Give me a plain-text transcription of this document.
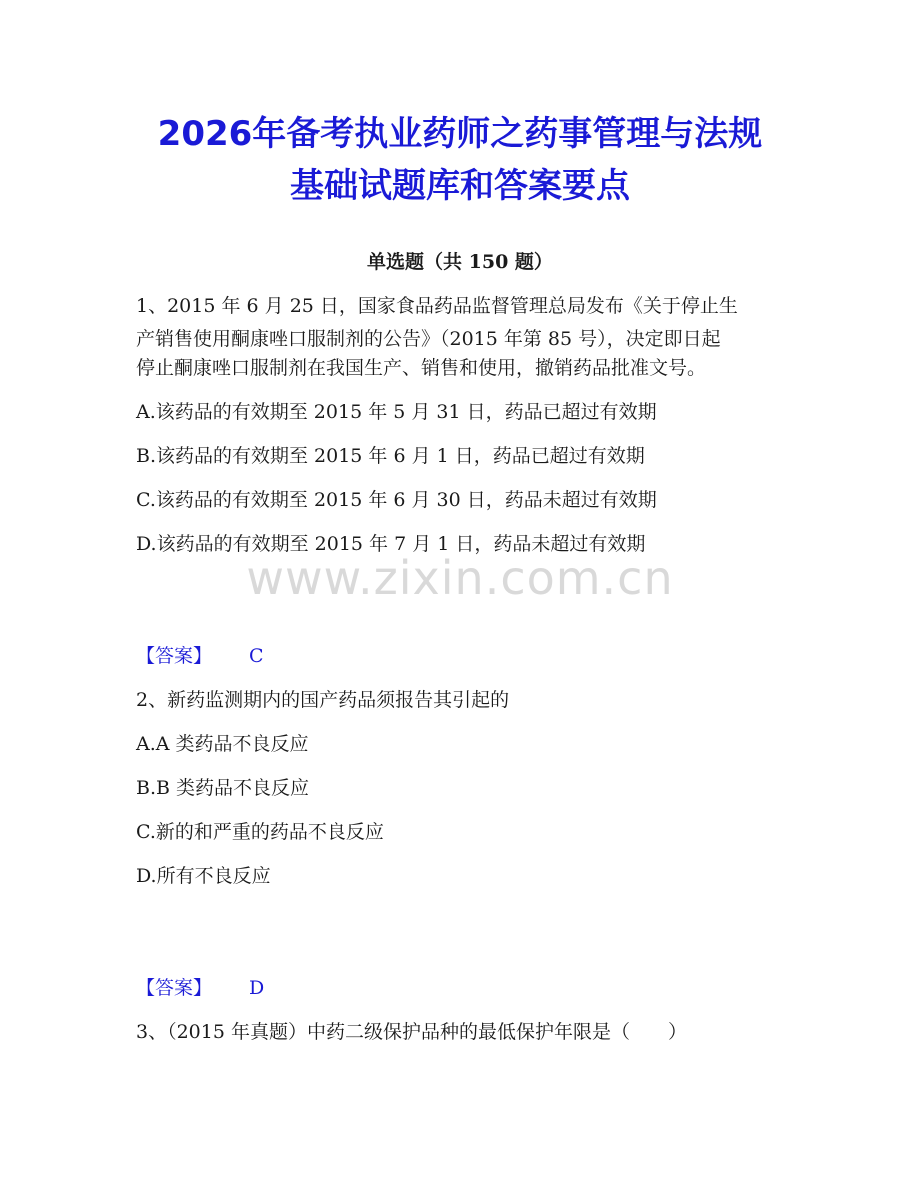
2026年备考执业药师之药事管理与法规
基础试题库和答案要点
单选题（共 150 题）
1、2015 年 6 月 25 日，国家食品药品监督管理总局发布《关于停止生
产销售使用酮康唑口服制剂的公告》（2015 年第 85 号），决定即日起
停止酮康唑口服制剂在我国生产、销售和使用，撤销药品批准文号。
A.该药品的有效期至 2015 年 5 月 31 日，药品已超过有效期
B.该药品的有效期至 2015 年 6 月 1 日，药品已超过有效期
C.该药品的有效期至 2015 年 6 月 30 日，药品未超过有效期
D.该药品的有效期至 2015 年 7 月 1 日，药品未超过有效期
www.zixin.com.cn
【答案】 C
2、新药监测期内的国产药品须报告其引起的
A.A 类药品不良反应
B.B 类药品不良反应
C.新的和严重的药品不良反应
D.所有不良反应
【答案】 D
3、（2015 年真题）中药二级保护品种的最低保护年限是（　　）
